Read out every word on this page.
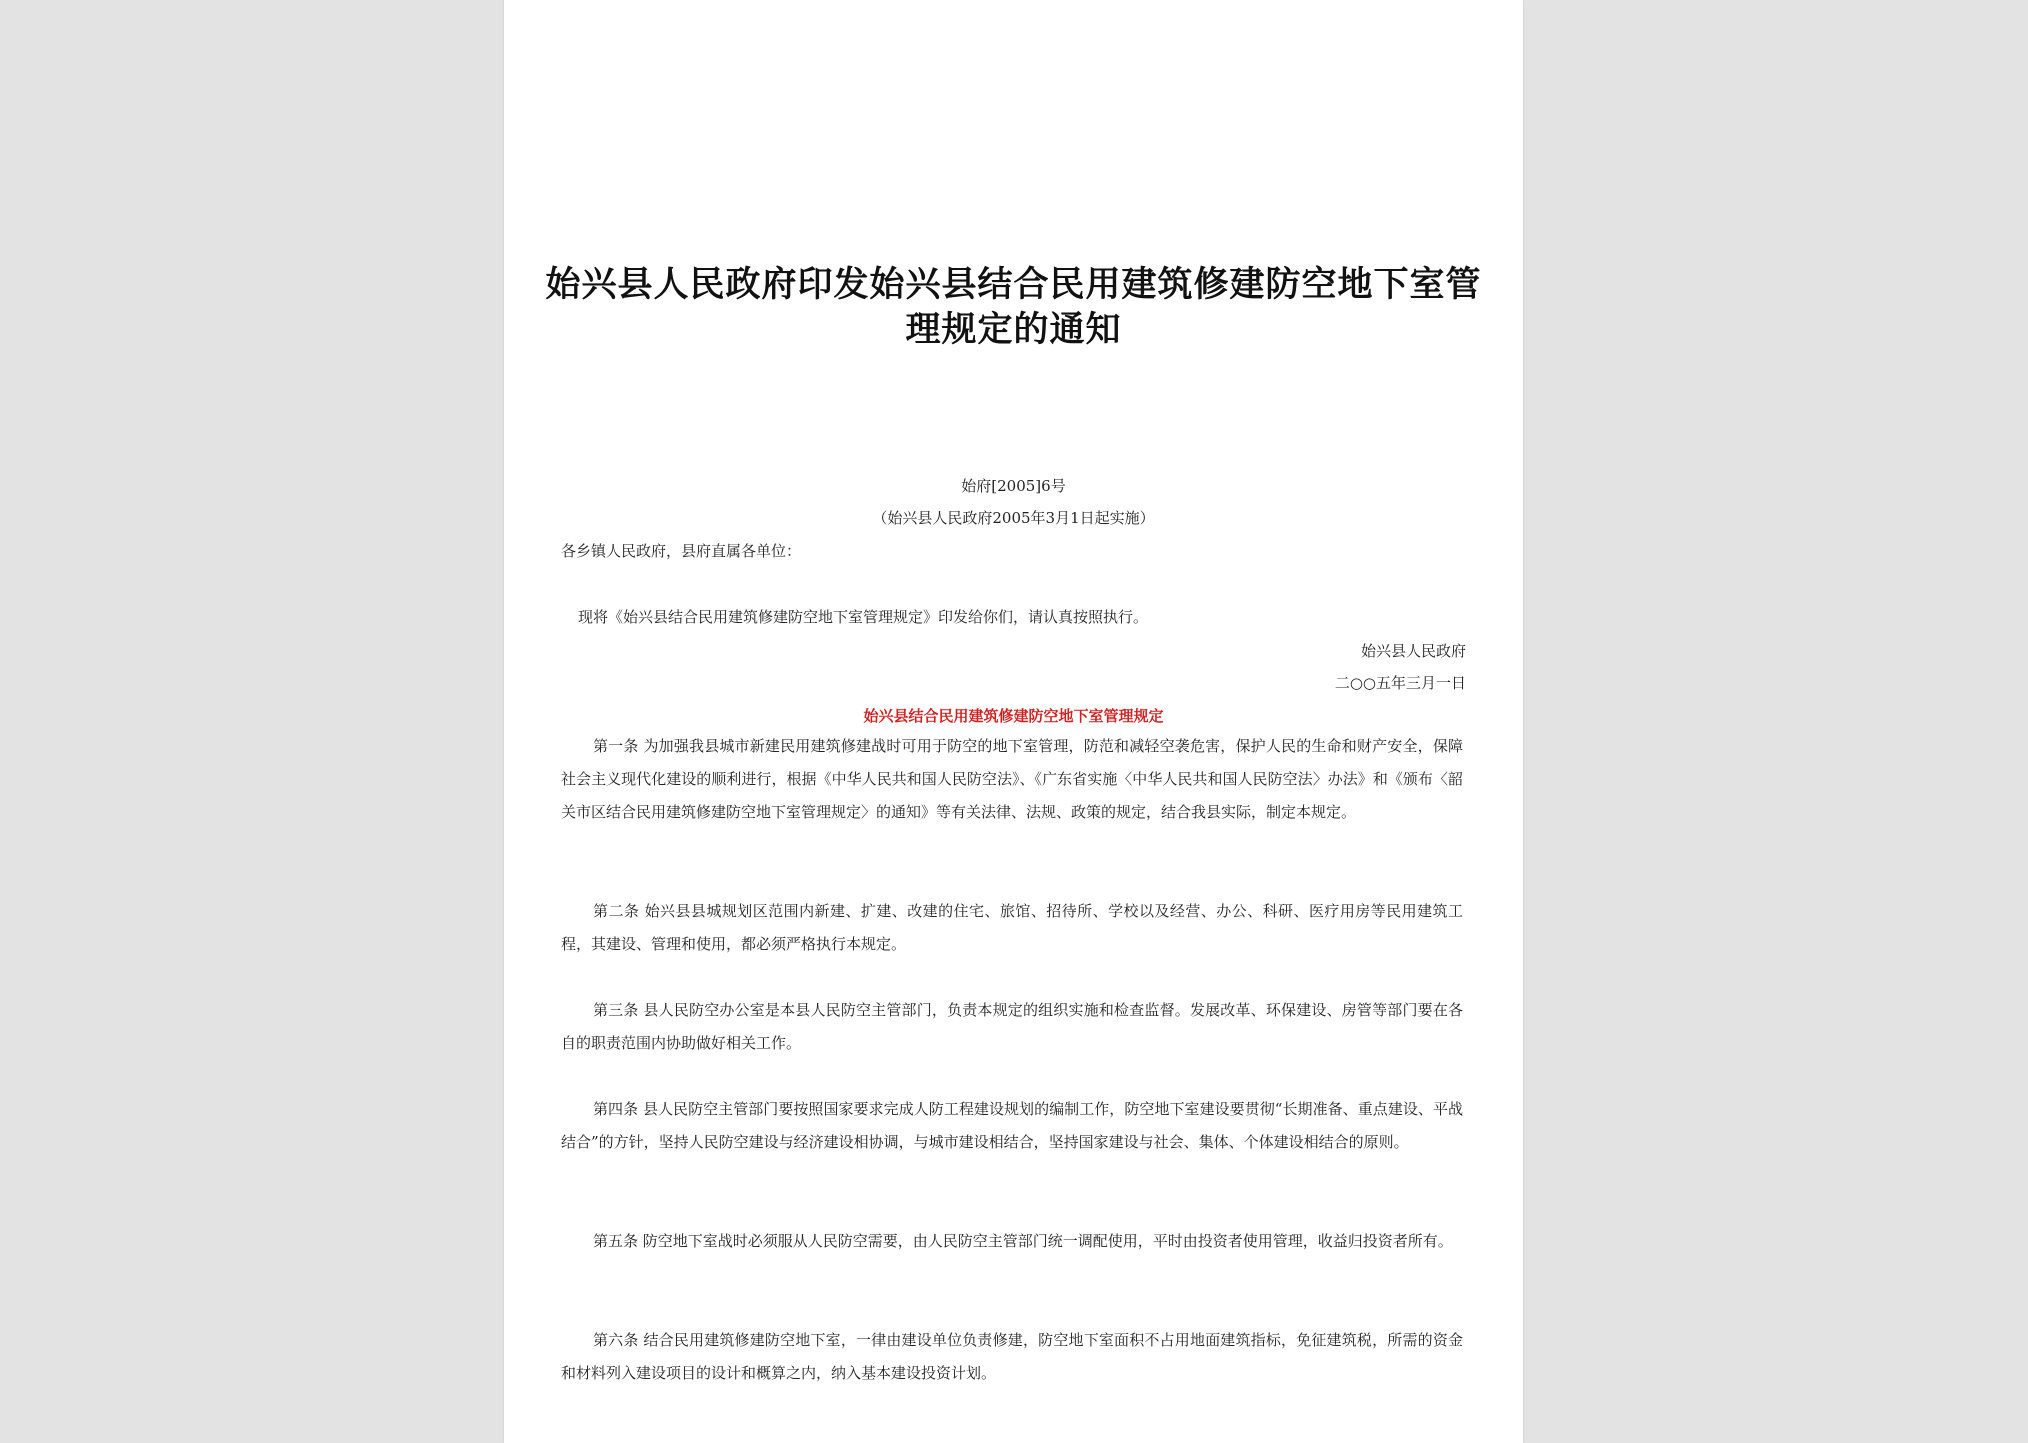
始兴县人民政府印发始兴县结合民用建筑修建防空地下室管理规定的通知
始府[2005]6号
（始兴县人民政府2005年3月1日起实施）
各乡镇人民政府，县府直属各单位：
现将《始兴县结合民用建筑修建防空地下室管理规定》印发给你们，请认真按照执行。
始兴县人民政府
二○○五年三月一日
始兴县结合民用建筑修建防空地下室管理规定
第一条 为加强我县城市新建民用建筑修建战时可用于防空的地下室管理，防范和减轻空袭危害，保护人民的生命和财产安全，保障社会主义现代化建设的顺利进行，根据《中华人民共和国人民防空法》、《广东省实施〈中华人民共和国人民防空法〉办法》和《颁布〈韶关市区结合民用建筑修建防空地下室管理规定〉的通知》等有关法律、法规、政策的规定，结合我县实际，制定本规定。
第二条 始兴县县城规划区范围内新建、扩建、改建的住宅、旅馆、招待所、学校以及经营、办公、科研、医疗用房等民用建筑工程，其建设、管理和使用，都必须严格执行本规定。
第三条 县人民防空办公室是本县人民防空主管部门，负责本规定的组织实施和检查监督。发展改革、环保建设、房管等部门要在各自的职责范围内协助做好相关工作。
第四条 县人民防空主管部门要按照国家要求完成人防工程建设规划的编制工作，防空地下室建设要贯彻“长期准备、重点建设、平战结合”的方针，坚持人民防空建设与经济建设相协调，与城市建设相结合，坚持国家建设与社会、集体、个体建设相结合的原则。
第五条 防空地下室战时必须服从人民防空需要，由人民防空主管部门统一调配使用，平时由投资者使用管理，收益归投资者所有。
第六条 结合民用建筑修建防空地下室，一律由建设单位负责修建，防空地下室面积不占用地面建筑指标，免征建筑税，所需的资金和材料列入建设项目的设计和概算之内，纳入基本建设投资计划。
